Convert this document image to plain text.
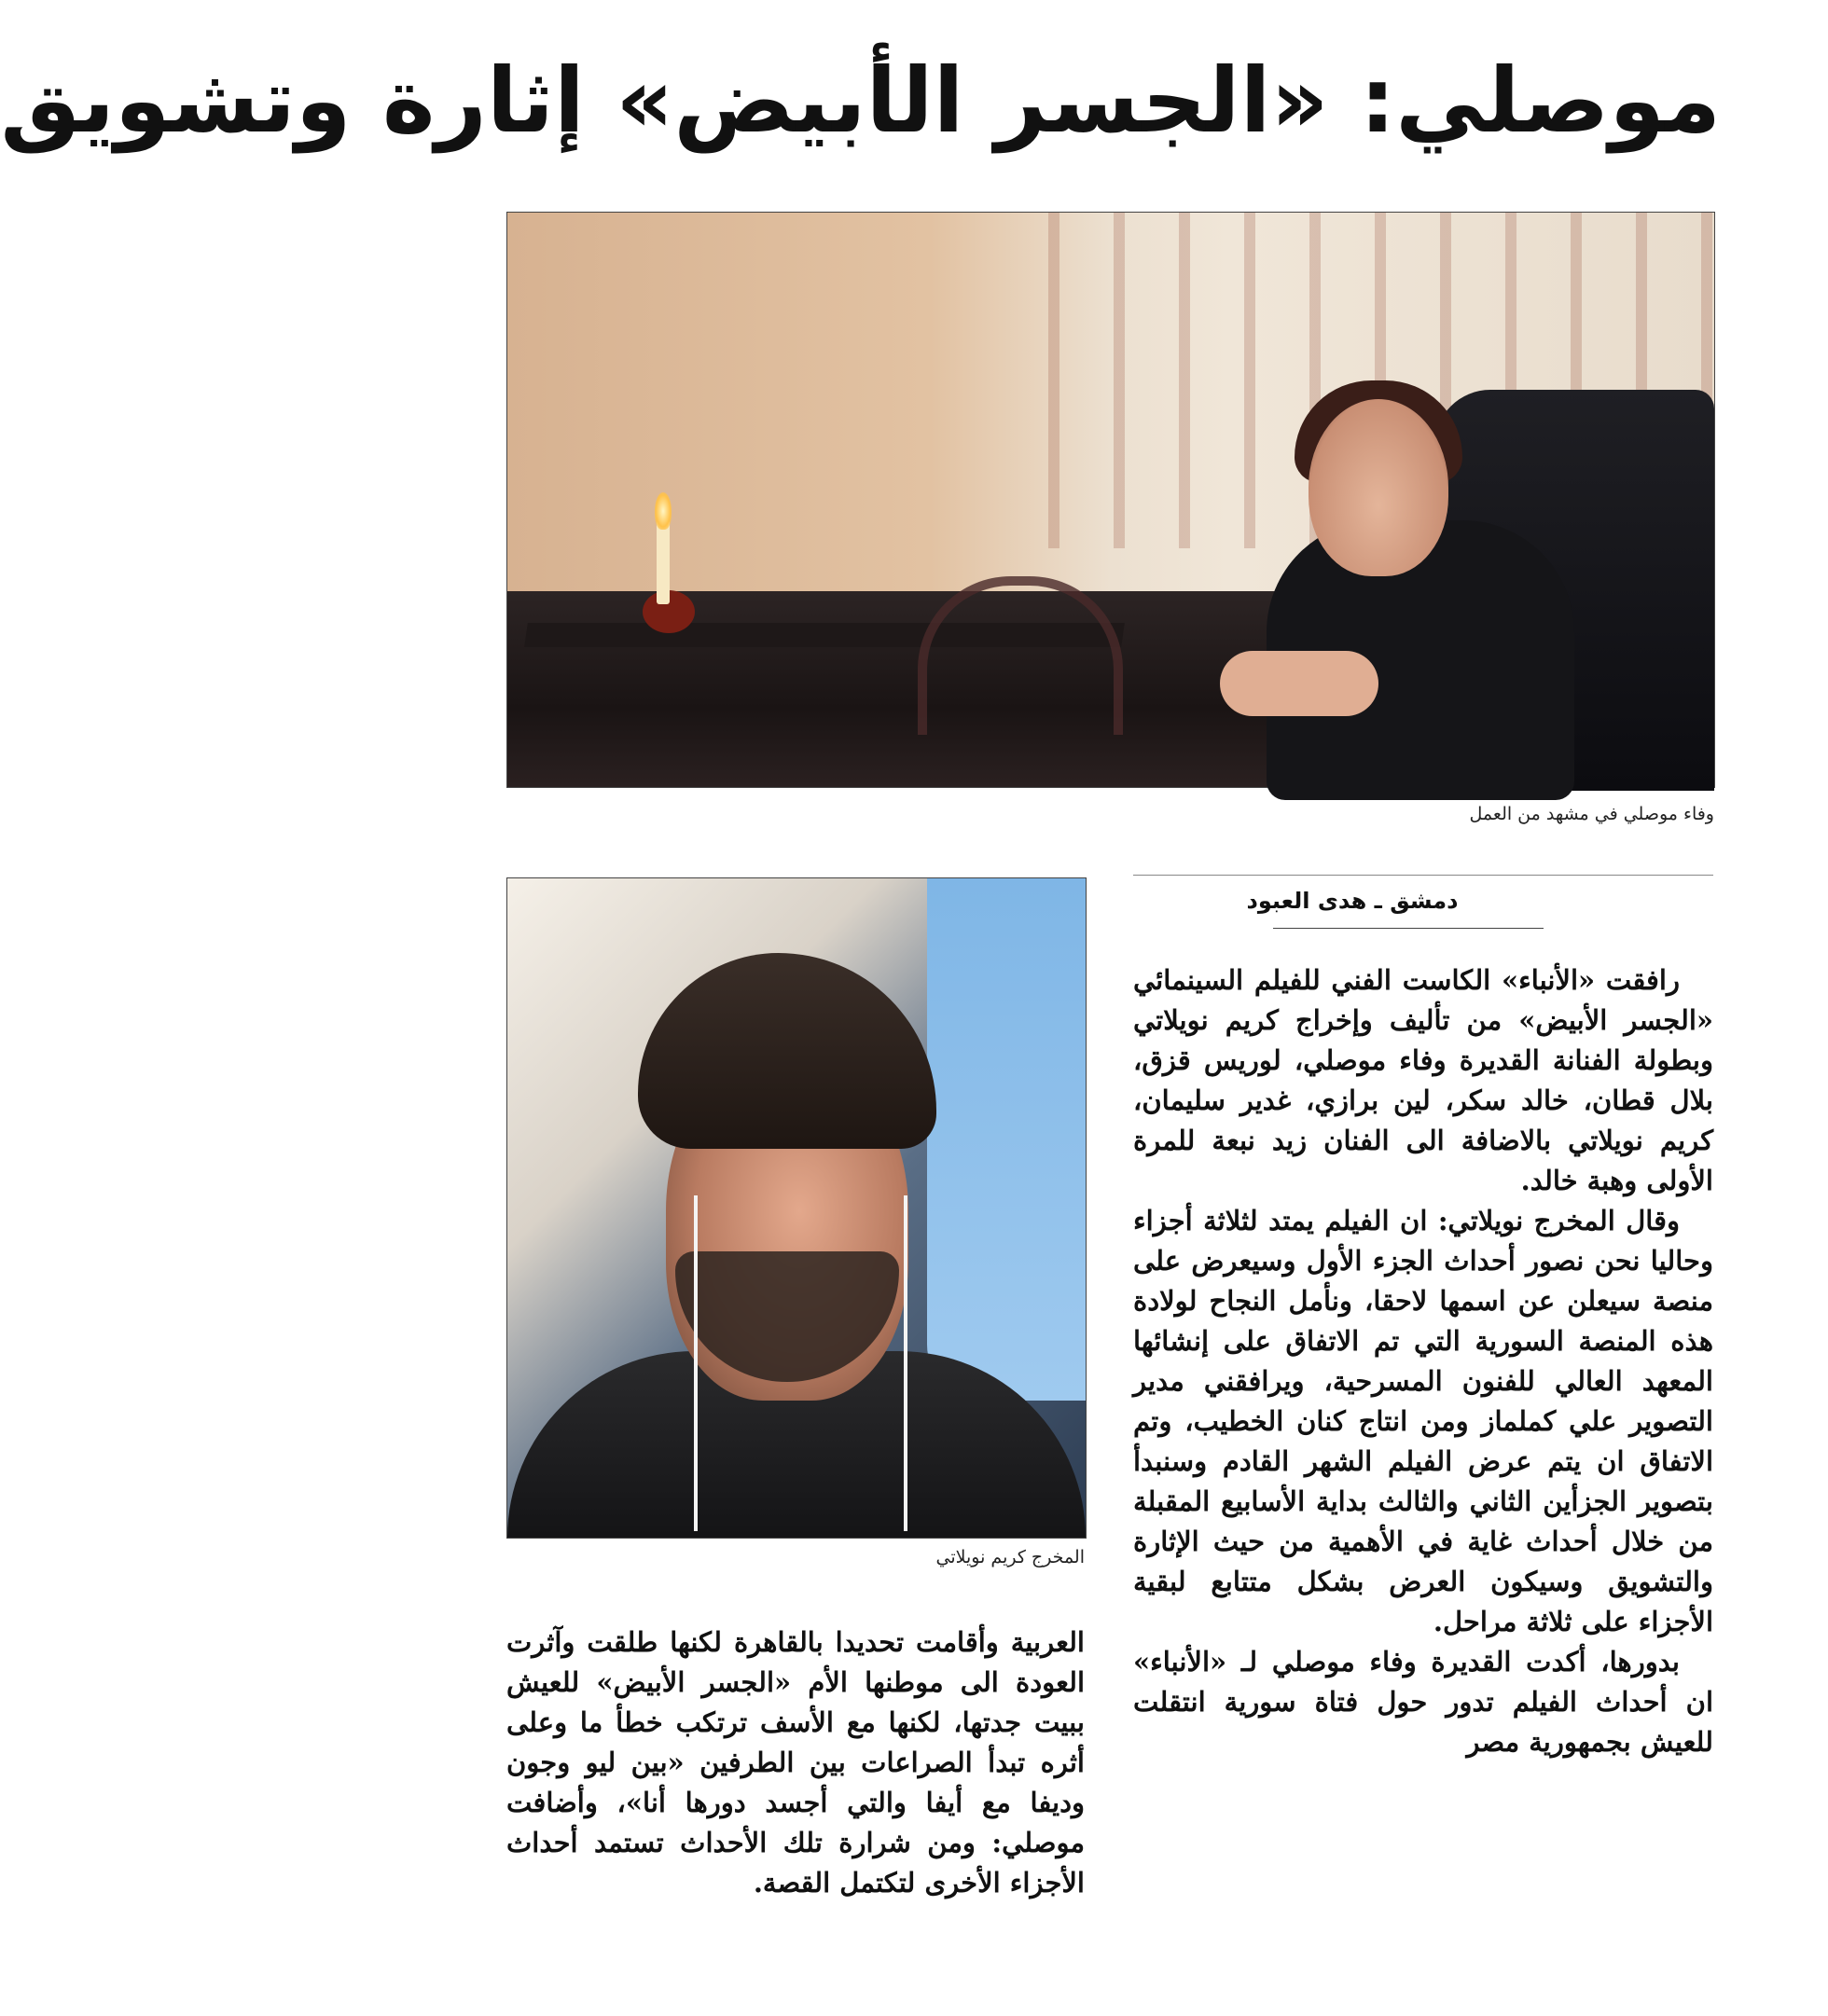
موصلي: «الجسر الأبيض» إثارة وتشويق
وفاء موصلي في مشهد من العمل
المخرج كريم نويلاتي
دمشق ـ هدى العبود

رافقت «الأنباء» الكاست الفني للفيلم السينمائي «الجسر الأبيض» من تأليف وإخراج كريم نويلاتي وبطولة الفنانة القديرة وفاء موصلي، لوريس قزق، بلال قطان، خالد سكر، لين برازي، غدير سليمان، كريم نويلاتي بالاضافة الى الفنان زيد نبعة للمرة الأولى وهبة خالد.

وقال المخرج نويلاتي: ان الفيلم يمتد لثلاثة أجزاء وحاليا نحن نصور أحداث الجزء الأول وسيعرض على منصة سيعلن عن اسمها لاحقا، ونأمل النجاح لولادة هذه المنصة السورية التي تم الاتفاق على إنشائها المعهد العالي للفنون المسرحية، ويرافقني مدير التصوير علي كملماز ومن انتاج كنان الخطيب، وتم الاتفاق ان يتم عرض الفيلم الشهر القادم وسنبدأ بتصوير الجزأين الثاني والثالث بداية الأسابيع المقبلة من خلال أحداث غاية في الأهمية من حيث الإثارة والتشويق وسيكون العرض بشكل متتابع لبقية الأجزاء على ثلاثة مراحل.

بدورها، أكدت القديرة وفاء موصلي لـ «الأنباء» ان أحداث الفيلم تدور حول فتاة سورية انتقلت للعيش بجمهورية مصر

العربية وأقامت تحديدا بالقاهرة لكنها طلقت وآثرت العودة الى موطنها الأم «الجسر الأبيض» للعيش ببيت جدتها، لكنها مع الأسف ترتكب خطأ ما وعلى أثره تبدأ الصراعات بين الطرفين «بين ليو وجون وديفا مع أيفا والتي أجسد دورها أنا»، وأضافت موصلي: ومن شرارة تلك الأحداث تستمد أحداث الأجزاء الأخرى لتكتمل القصة.
